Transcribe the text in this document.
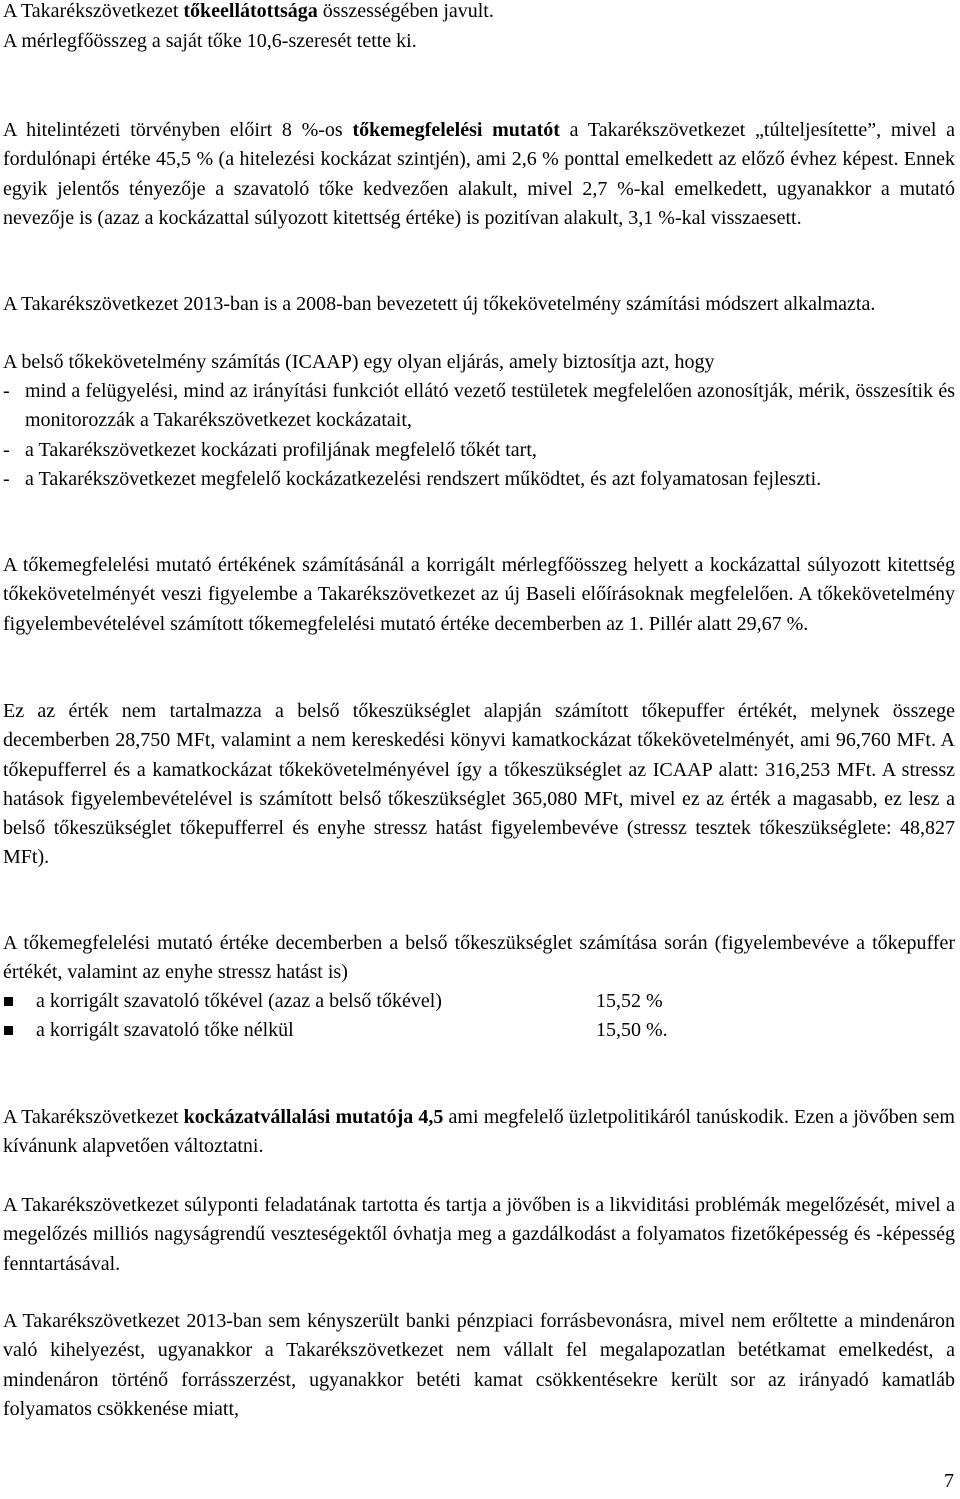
A Takarékszövetkezet tőkeellátottsága összességében javult.

A mérlegfőösszeg a saját tőke 10,6-szeresét tette ki.

A hitelintézeti törvényben előirt 8 %-os tőkemegfelelési mutatót a Takarékszövetkezet „túlteljesítette”, mivel a fordulónapi értéke 45,5 % (a hitelezési kockázat szintjén), ami 2,6 % ponttal emelkedett az előző évhez képest. Ennek egyik jelentős tényezője a szavatoló tőke kedvezően alakult, mivel 2,7 %-kal emelkedett, ugyanakkor a mutató nevezője is (azaz a kockázattal súlyozott kitettség értéke) is pozitívan alakult, 3,1 %-kal visszaesett.

A Takarékszövetkezet 2013-ban is a 2008-ban bevezetett új tőkekövetelmény számítási módszert alkalmazta.

A belső tőkekövetelmény számítás (ICAAP) egy olyan eljárás, amely biztosítja azt, hogy

- mind a felügyelési, mind az irányítási funkciót ellátó vezető testületek megfelelően azonosítják, mérik, összesítik és monitorozzák a Takarékszövetkezet kockázatait,
- a Takarékszövetkezet kockázati profiljának megfelelő tőkét tart,
- a Takarékszövetkezet megfelelő kockázatkezelési rendszert működtet, és azt folyamatosan fejleszti.

A tőkemegfelelési mutató értékének számításánál a korrigált mérlegfőösszeg helyett a kockázattal súlyozott kitettség tőkekövetelményét veszi figyelembe a Takarékszövetkezet az új Baseli előírásoknak megfelelően. A tőkekövetelmény figyelembevételével számított tőkemegfelelési mutató értéke decemberben az 1. Pillér alatt 29,67 %.

Ez az érték nem tartalmazza a belső tőkeszükséglet alapján számított tőkepuffer értékét, melynek összege decemberben 28,750 MFt, valamint a nem kereskedési könyvi kamatkockázat tőkekövetelményét, ami 96,760 MFt. A tőkepufferrel és a kamatkockázat tőkekövetelményével így a tőkeszükséglet az ICAAP alatt: 316,253 MFt. A stressz hatások figyelembevételével is számított belső tőkeszükséglet 365,080 MFt, mivel ez az érték a magasabb, ez lesz a belső tőkeszükséglet tőkepufferrel és enyhe stressz hatást figyelembevéve (stressz tesztek tőkeszükséglete: 48,827 MFt).

A tőkemegfelelési mutató értéke decemberben a belső tőkeszükséglet számítása során (figyelembevéve a tőkepuffer értékét, valamint az enyhe stressz hatást is)

a korrigált szavatoló tőkével (azaz a belső tőkével)	15,52 %
a korrigált szavatoló tőke nélkül	15,50 %.

A Takarékszövetkezet kockázatvállalási mutatója 4,5 ami megfelelő üzletpolitikáról tanúskodik. Ezen a jövőben sem kívánunk alapvetően változtatni.

A Takarékszövetkezet súlyponti feladatának tartotta és tartja a jövőben is a likviditási problémák megelőzését, mivel a megelőzés milliós nagyságrendű veszteségektől óvhatja meg a gazdálkodást a folyamatos fizetőképesség és -képesség fenntartásával.

A Takarékszövetkezet 2013-ban sem kényszerült banki pénzpiaci forrásbevonásra, mivel nem erőltette a mindenáron való kihelyezést, ugyanakkor a Takarékszövetkezet nem vállalt fel megalapozatlan betétkamat emelkedést, a mindenáron történő forrásszerzést, ugyanakkor betéti kamat csökkentésekre került sor az irányadó kamatláb folyamatos csökkenése miatt,

7
